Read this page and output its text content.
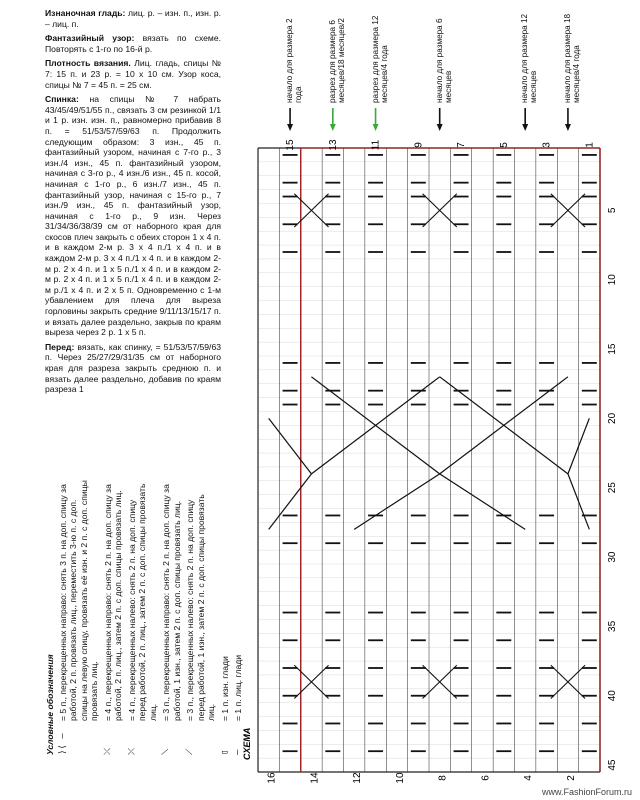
Изнаночная гладь: лиц. р. – изн. п., изн. р. – лиц. п.

Фантазийный узор: вязать по схеме. Повторять с 1-го по 16-й р.

Плотность вязания. Лиц. гладь, спицы № 7: 15 п. и 23 р. = 10 х 10 см. Узор коса, спицы № 7 = 45 п. = 25 см.

Спинка: на спицы № 7 набрать 43/45/49/51/55 п., связать 3 см резинкой 1/1 и 1 р. изн. изн. п., равномерно прибавив 8 п. = 51/53/57/59/63 п. Продолжить следующим образом: 3 изн., 45 п. фантазийный узором, начиная с 7-го р., 3 изн./4 изн., 45 п. фантазийный узором, начиная с 3-го р., 4 изн./6 изн., 45 п. косой, начиная с 1-го р., 6 изн./7 изн., 45 п. фантазийный узор, начиная с 15-го р., 7 изн./9 изн., 45 п. фантазийный узор, начиная с 1-го р., 9 изн. Через 31/34/36/38/39 см от наборного края для скосов плеч закрыть с обеих сторон 1 х 4 п. и в каждом 2-м р. 3 х 4 п./1 х 4 п. и в каждом 2-м р. 3 х 4 п./1 х 4 п. и в каждом 2-м р. 2 х 4 п. и 1 х 5 п./1 х 4 п. и в каждом 2-м р. 2 х 4 п. и 1 х 5 п./1 х 4 п. и в каждом 2-м р./1 х 4 п. и 2 х 5 п. Одновременно с 1-м убавлением для плеча для выреза горловины закрыть средние 9/11/13/15/17 п. и вязать далее раздельно, закрыв по краям выреза через 2 р. 1 х 5 п.

Перед: вязать, как спинку, = 51/53/57/59/63 п. Через 25/27/29/31/35 см от наборного края для разреза закрыть среднюю п. и вязать далее раздельно, добавив по краям разреза 1

Условные обозначения ⟩⟨ ‒
= 5 п., перекрещенных направо: снять 3 п. на доп. спицу за работой, 2 п. провязать лиц., переместить 3-ю п. с доп. спицы на левую спицу, провязать её изн. и 2 п. с доп. спицы провязать лиц.
⤫
= 4 п., перекрещенных направо: снять 2 п. на доп. спицу за работой, 2 п. лиц., затем 2 п. с доп. спицы провязать лиц.
⤬
= 4 п., перекрещенных налево: снять 2 п. на доп. спицу перед работой, 2 п. лиц., затем 2 п. с доп. спицы провязать лиц.
⟍
= 3 п., перекрещенных направо: снять 2 п. на доп. спицу за работой, 1 изн., затем 2 п. с доп. спицы провязать лиц.
⟋
= 3 п., перекрещенных налево: снять 2 п. на доп. спицу перед работой, 1 изн., затем 2 п. с доп. спицы провязать лиц.
▯
= 1 п. изн. глади
‒
= 1 п. лиц. глади
1
3
5
7
9
11
13
15
2
4
6
8
10
12
14
16
5
10
15
20
25
30
35
40
45
СХЕМА
начало для размера 2 года	разрез для размера 6 месяцев/18 месяцев/2	разрез для размера 12 месяцев/4 года	начало для размера 6 месяцев	начало для размера 12 месяцев	начало для размера 18 месяцев/4 года
www.FashionForum.ru
